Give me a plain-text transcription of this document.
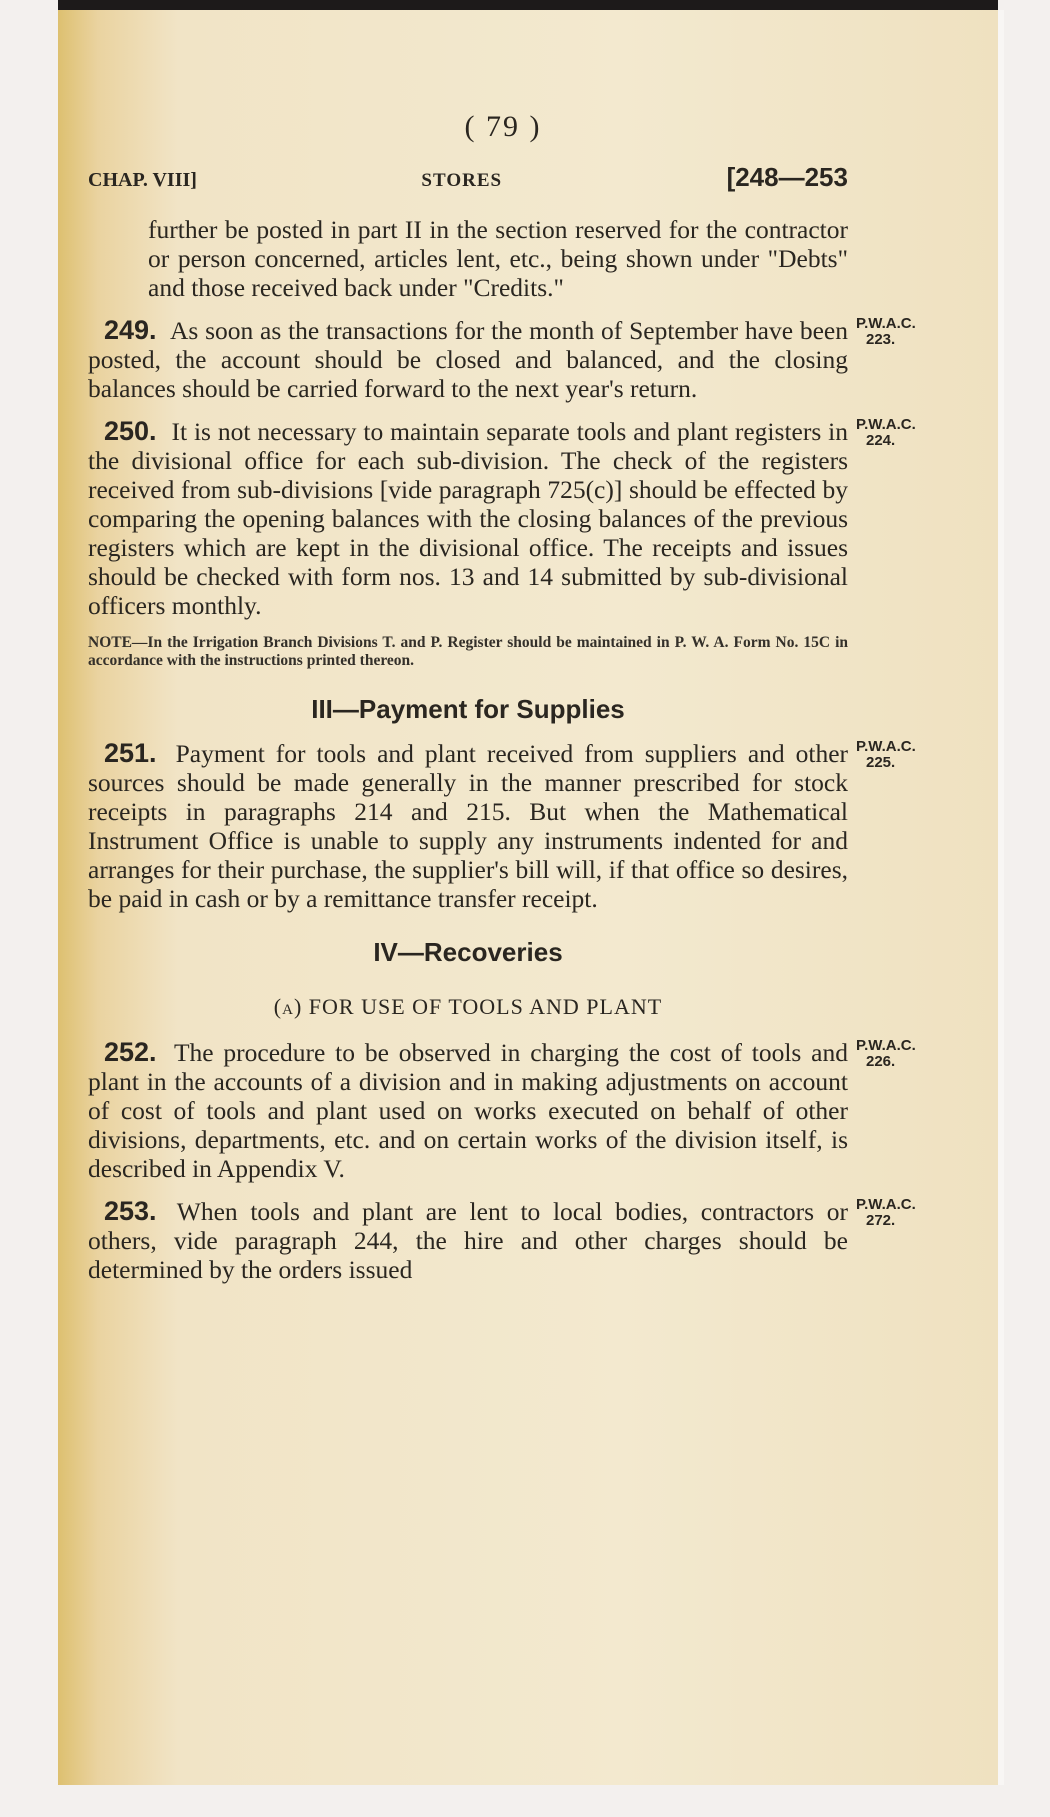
( 79 )
CHAP. VIII]	STORES	[248—253
further be posted in part II in the section reserved for the contractor or person concerned, articles lent, etc., being shown under "Debts" and those received back under "Credits."
249. As soon as the transactions for the month of September have been posted, the account should be closed and balanced, and the closing balances should be carried forward to the next year's return.
P.W.A.C.
223.
250. It is not necessary to maintain separate tools and plant registers in the divisional office for each sub-division. The check of the registers received from sub-divisions [vide paragraph 725(c)] should be effected by comparing the opening balances with the closing balances of the previous registers which are kept in the divisional office. The receipts and issues should be checked with form nos. 13 and 14 submitted by sub-divisional officers monthly.
P.W.A.C.
224.
NOTE—In the Irrigation Branch Divisions T. and P. Register should be maintained in P. W. A. Form No. 15C in accordance with the instructions printed thereon.
III—Payment for Supplies
251. Payment for tools and plant received from suppliers and other sources should be made generally in the manner prescribed for stock receipts in paragraphs 214 and 215. But when the Mathematical Instrument Office is unable to supply any instruments indented for and arranges for their purchase, the supplier's bill will, if that office so desires, be paid in cash or by a remittance transfer receipt.
P.W.A.C.
225.
IV—Recoveries
(a) FOR USE OF TOOLS AND PLANT
252. The procedure to be observed in charging the cost of tools and plant in the accounts of a division and in making adjustments on account of cost of tools and plant used on works executed on behalf of other divisions, departments, etc. and on certain works of the division itself, is described in Appendix V.
P.W.A.C.
226.
253. When tools and plant are lent to local bodies, contractors or others, vide paragraph 244, the hire and other charges should be determined by the orders issued
P.W.A.C.
272.
